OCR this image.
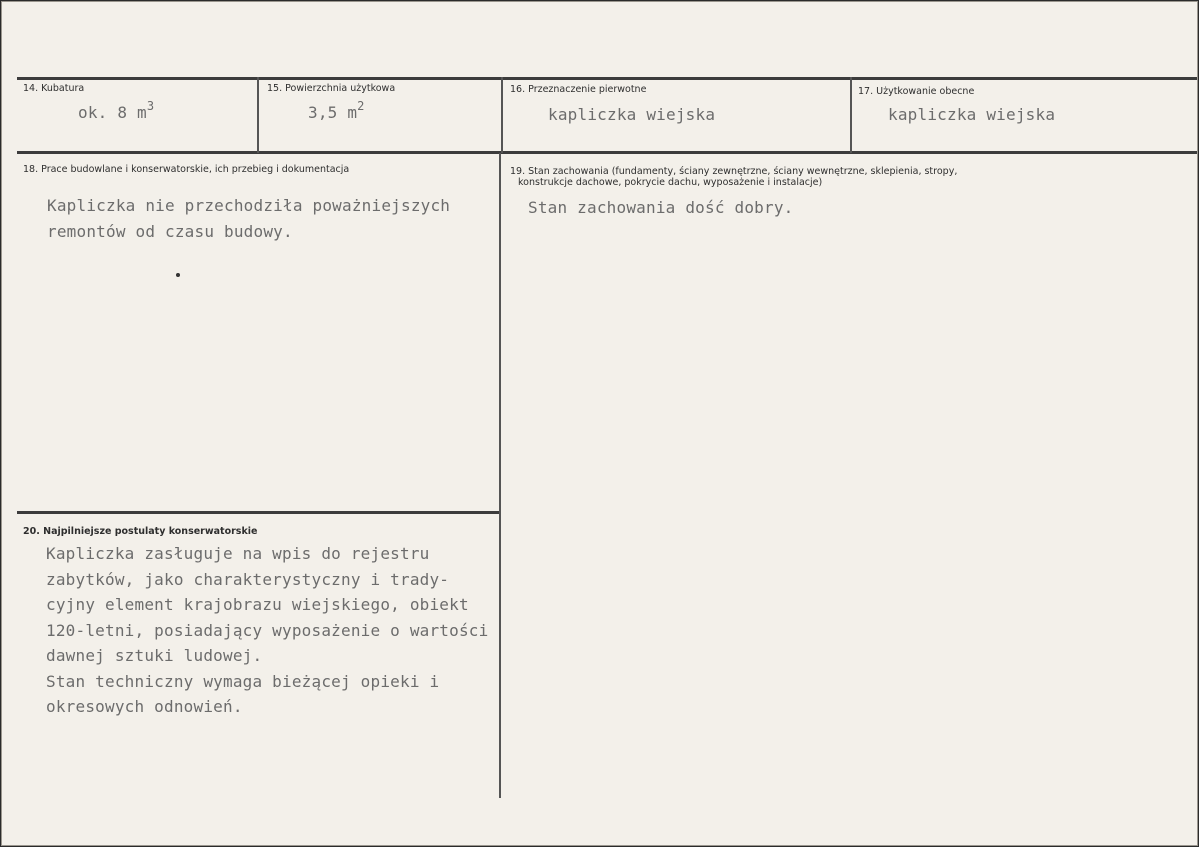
14. Kubatura
ok. 8 $m^3$
15. Powierzchnia użytkowa
3,5 $m^2$
16. Przeznaczenie pierwotne
kapliczka wiejska
17. Użytkowanie obecne
kapliczka wiejska
18. Prace budowlane i konserwatorskie, ich przebieg i dokumentacja
Kapliczka nie przechodziła poważniejszych
remontów od czasu budowy.
19. Stan zachowania (fundamenty, ściany zewnętrzne, ściany wewnętrzne, sklepienia, stropy,
konstrukcje dachowe, pokrycie dachu, wyposażenie i instalacje)
Stan zachowania dość dobry.
20. Najpilniejsze postulaty konserwatorskie
Kapliczka zasługuje na wpis do rejestru
zabytków, jako charakterystyczny i trady-
cyjny element krajobrazu wiejskiego, obiekt
120-letni, posiadający wyposażenie o wartości
dawnej sztuki ludowej.
Stan techniczny wymaga bieżącej opieki i
okresowych odnowień.
